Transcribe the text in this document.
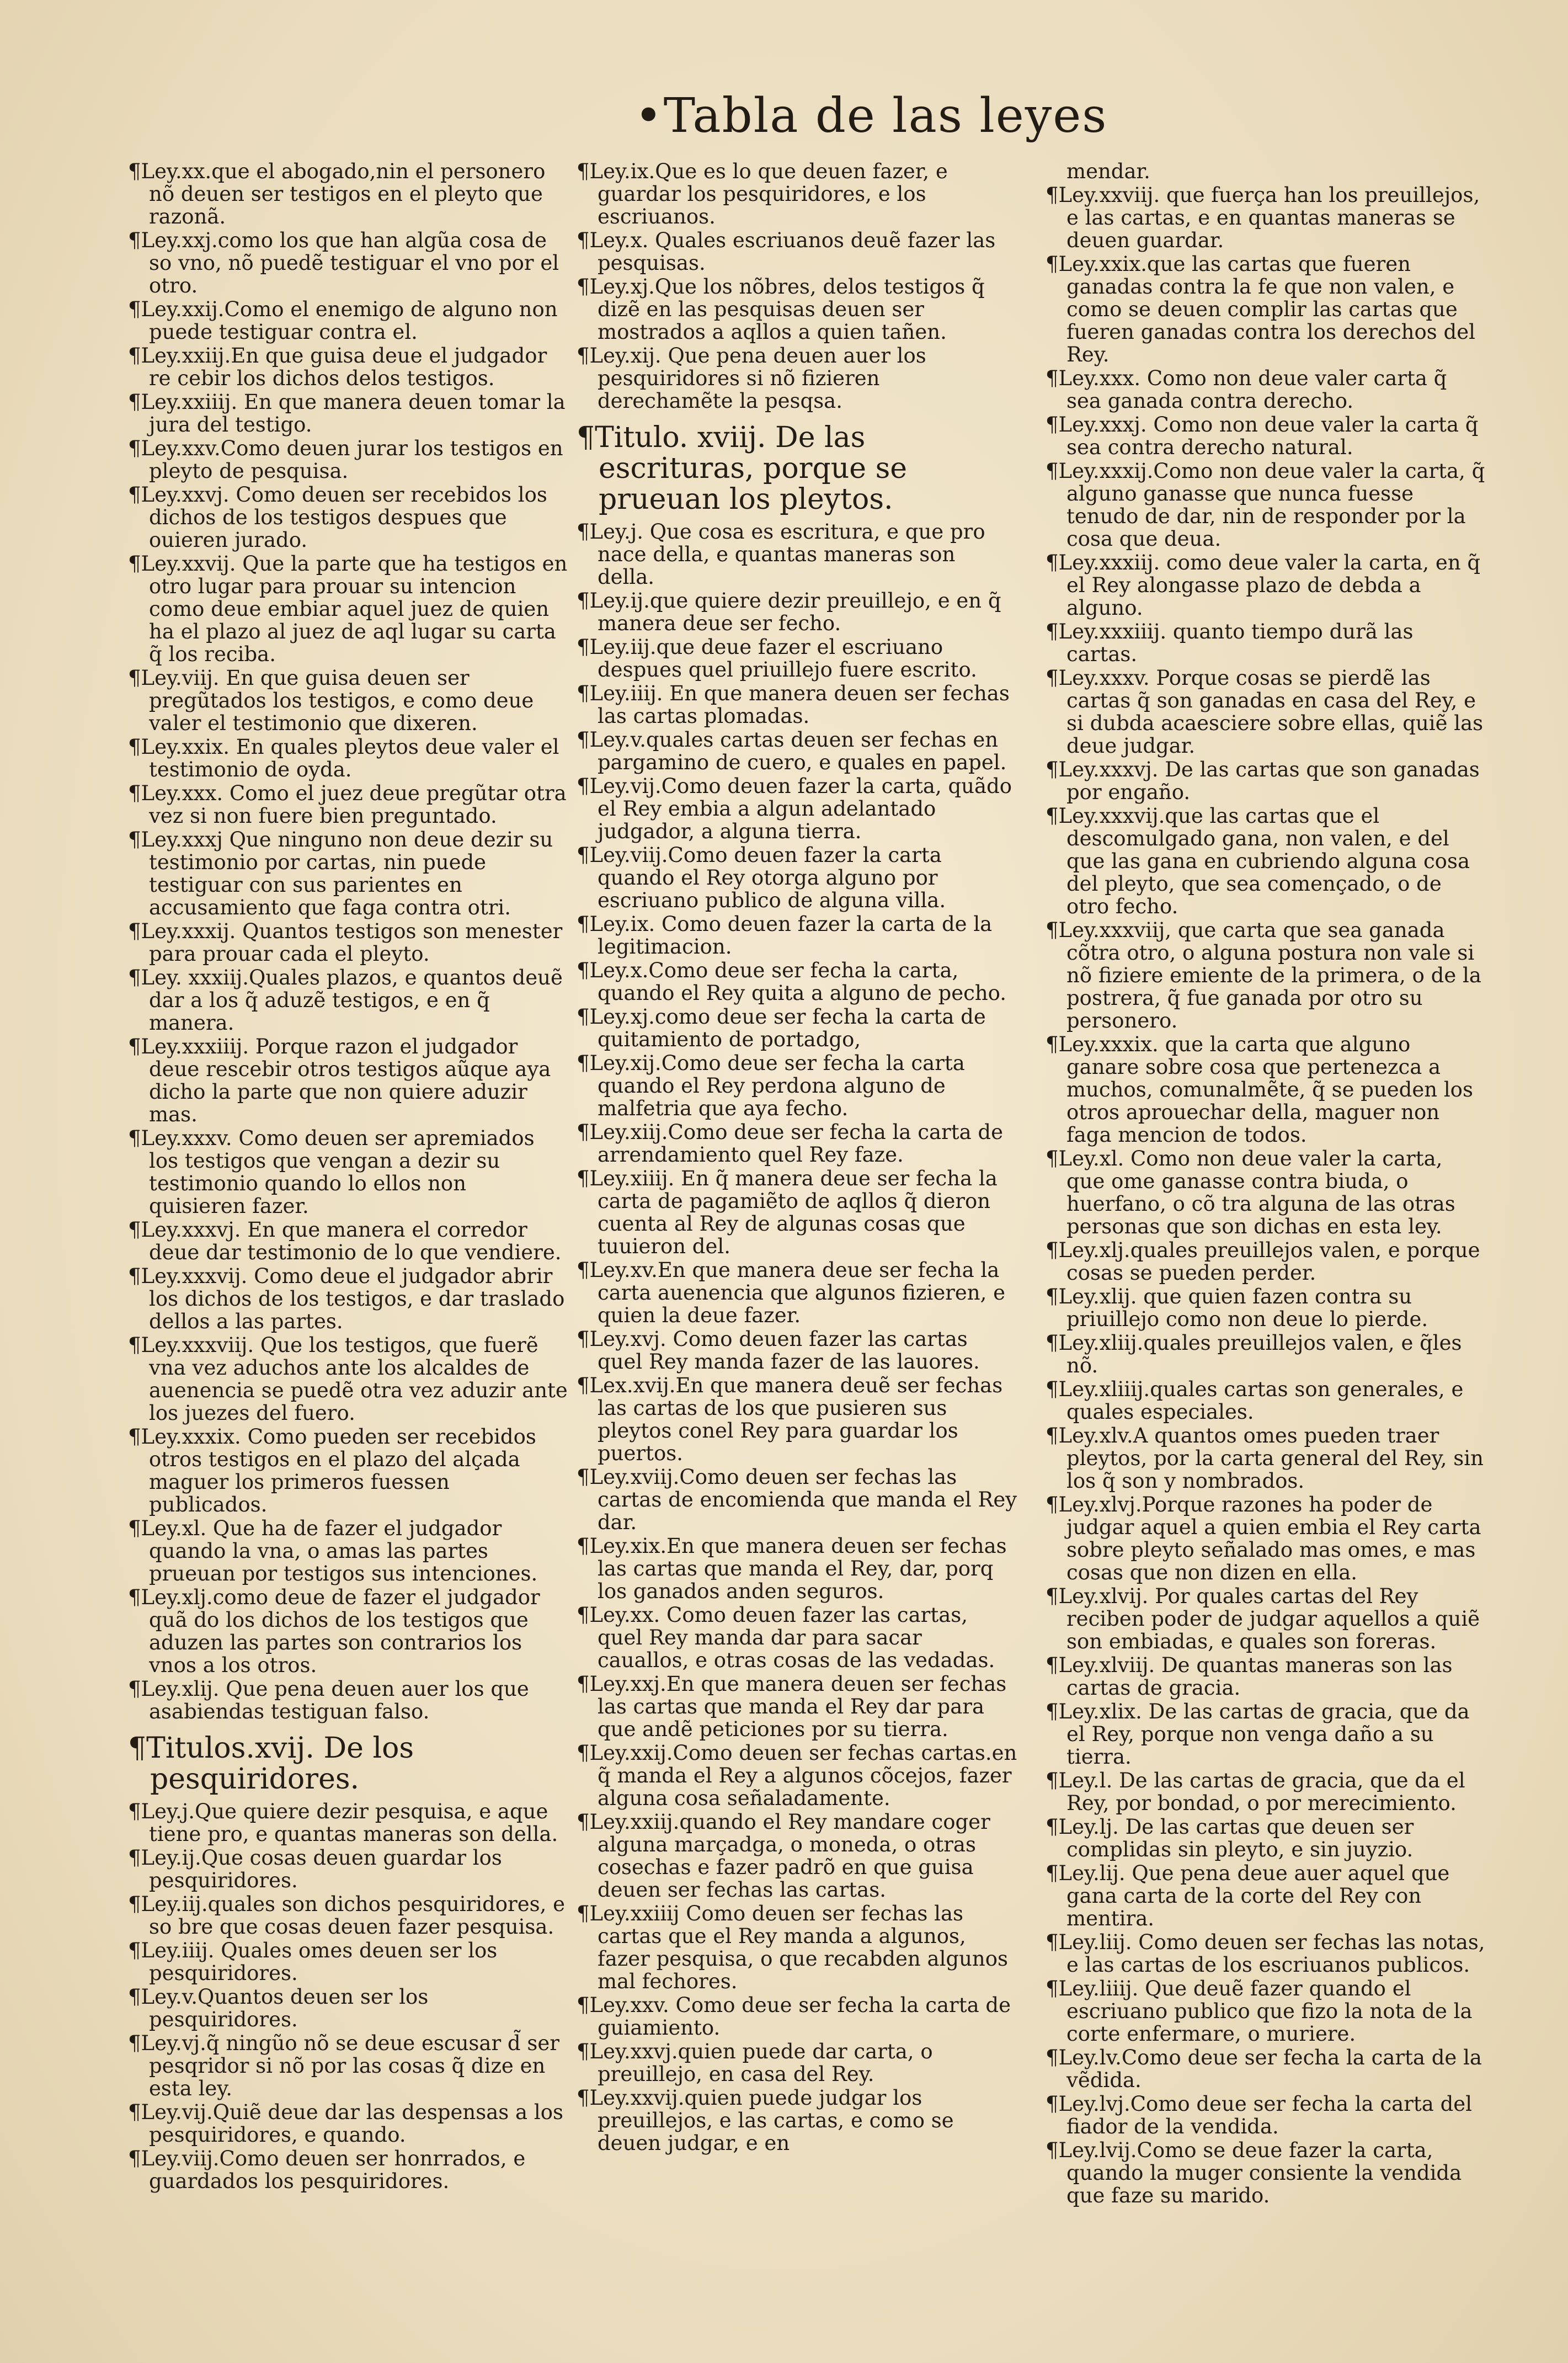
•Tabla de las leyes
¶Ley.xx.que el abogado,nin el personero nõ deuen ser testigos en el pleyto que razonã.
¶Ley.xxj.como los que han algũa cosa de so vno, nõ puedẽ testiguar el vno por el otro.
¶Ley.xxij.Como el enemigo de alguno non puede testiguar contra el.
¶Ley.xxiij.En que guisa deue el judgador re cebir los dichos delos testigos.
¶Ley.xxiiij. En que manera deuen tomar la jura del testigo.
¶Ley.xxv.Como deuen jurar los testigos en pleyto de pesquisa.
¶Ley.xxvj. Como deuen ser recebidos los dichos de los testigos despues que ouieren jurado.
¶Ley.xxvij. Que la parte que ha testigos en otro lugar para prouar su intencion como deue embiar aquel juez de quien ha el plazo al juez de aql lugar su carta q̃ los reciba.
¶Ley.viij. En que guisa deuen ser pregũtados los testigos, e como deue valer el testimonio que dixeren.
¶Ley.xxix. En quales pleytos deue valer el testimonio de oyda.
¶Ley.xxx. Como el juez deue pregũtar otra vez si non fuere bien preguntado.
¶Ley.xxxj Que ninguno non deue dezir su testimonio por cartas, nin puede testiguar con sus parientes en accusamiento que faga contra otri.
¶Ley.xxxij. Quantos testigos son menester para prouar cada el pleyto.
¶Ley. xxxiij.Quales plazos, e quantos deuẽ dar a los q̃ aduzẽ testigos, e en q̃ manera.
¶Ley.xxxiiij. Porque razon el judgador deue rescebir otros testigos aũque aya dicho la parte que non quiere aduzir mas.
¶Ley.xxxv. Como deuen ser apremiados los testigos que vengan a dezir su testimonio quando lo ellos non quisieren fazer.
¶Ley.xxxvj. En que manera el corredor deue dar testimonio de lo que vendiere.
¶Ley.xxxvij. Como deue el judgador abrir los dichos de los testigos, e dar traslado dellos a las partes.
¶Ley.xxxviij. Que los testigos, que fuerẽ vna vez aduchos ante los alcaldes de auenencia se puedẽ otra vez aduzir ante los juezes del fuero.
¶Ley.xxxix. Como pueden ser recebidos otros testigos en el plazo del alçada maguer los primeros fuessen publicados.
¶Ley.xl. Que ha de fazer el judgador quando la vna, o amas las partes prueuan por testigos sus intenciones.
¶Ley.xlj.como deue de fazer el judgador quã do los dichos de los testigos que aduzen las partes son contrarios los vnos a los otros.
¶Ley.xlij. Que pena deuen auer los que asabiendas testiguan falso.
¶Titulos.xvij. De los pesquiridores.
¶Ley.j.Que quiere dezir pesquisa, e aque tiene pro, e quantas maneras son della.
¶Ley.ij.Que cosas deuen guardar los pesquiridores.
¶Ley.iij.quales son dichos pesquiridores, e so bre que cosas deuen fazer pesquisa.
¶Ley.iiij. Quales omes deuen ser los pesquiridores.
¶Ley.v.Quantos deuen ser los pesquiridores.
¶Ley.vj.q̃ ningũo nõ se deue escusar d̃ ser pesqridor si nõ por las cosas q̃ dize en esta ley.
¶Ley.vij.Quiẽ deue dar las despensas a los pesquiridores, e quando.
¶Ley.viij.Como deuen ser honrrados, e guardados los pesquiridores.
¶Ley.ix.Que es lo que deuen fazer, e guardar los pesquiridores, e los escriuanos.
¶Ley.x. Quales escriuanos deuẽ fazer las pesquisas.
¶Ley.xj.Que los nõbres, delos testigos q̃ dizẽ en las pesquisas deuen ser mostrados a aqllos a quien tañen.
¶Ley.xij. Que pena deuen auer los pesquiridores si nõ fizieren derechamẽte la pesqsa.
¶Titulo. xviij. De las escrituras, porque se prueuan los pleytos.
¶Ley.j. Que cosa es escritura, e que pro nace della, e quantas maneras son della.
¶Ley.ij.que quiere dezir preuillejo, e en q̃ manera deue ser fecho.
¶Ley.iij.que deue fazer el escriuano despues quel priuillejo fuere escrito.
¶Ley.iiij. En que manera deuen ser fechas las cartas plomadas.
¶Ley.v.quales cartas deuen ser fechas en pargamino de cuero, e quales en papel.
¶Ley.vij.Como deuen fazer la carta, quãdo el Rey embia a algun adelantado judgador, a alguna tierra.
¶Ley.viij.Como deuen fazer la carta quando el Rey otorga alguno por escriuano publico de alguna villa.
¶Ley.ix. Como deuen fazer la carta de la legitimacion.
¶Ley.x.Como deue ser fecha la carta, quando el Rey quita a alguno de pecho.
¶Ley.xj.como deue ser fecha la carta de quitamiento de portadgo,
¶Ley.xij.Como deue ser fecha la carta quando el Rey perdona alguno de malfetria que aya fecho.
¶Ley.xiij.Como deue ser fecha la carta de arrendamiento quel Rey faze.
¶Ley.xiiij. En q̃ manera deue ser fecha la carta de pagamiẽto de aqllos q̃ dieron cuenta al Rey de algunas cosas que tuuieron del.
¶Ley.xv.En que manera deue ser fecha la carta auenencia que algunos fizieren, e quien la deue fazer.
¶Ley.xvj. Como deuen fazer las cartas quel Rey manda fazer de las lauores.
¶Lex.xvij.En que manera deuẽ ser fechas las cartas de los que pusieren sus pleytos conel Rey para guardar los puertos.
¶Ley.xviij.Como deuen ser fechas las cartas de encomienda que manda el Rey dar.
¶Ley.xix.En que manera deuen ser fechas las cartas que manda el Rey, dar, porq los ganados anden seguros.
¶Ley.xx. Como deuen fazer las cartas, quel Rey manda dar para sacar cauallos, e otras cosas de las vedadas.
¶Ley.xxj.En que manera deuen ser fechas las cartas que manda el Rey dar para que andẽ peticiones por su tierra.
¶Ley.xxij.Como deuen ser fechas cartas.en q̃ manda el Rey a algunos cõcejos, fazer alguna cosa señaladamente.
¶Ley.xxiij.quando el Rey mandare coger alguna marçadga, o moneda, o otras cosechas e fazer padrõ en que guisa deuen ser fechas las cartas.
¶Ley.xxiiij Como deuen ser fechas las cartas que el Rey manda a algunos, fazer pesquisa, o que recabden algunos mal fechores.
¶Ley.xxv. Como deue ser fecha la carta de guiamiento.
¶Ley.xxvj.quien puede dar carta, o preuillejo, en casa del Rey.
¶Ley.xxvij.quien puede judgar los preuillejos, e las cartas, e como se deuen judgar, e en
mendar.
¶Ley.xxviij. que fuerça han los preuillejos, e las cartas, e en quantas maneras se deuen guardar.
¶Ley.xxix.que las cartas que fueren ganadas contra la fe que non valen, e como se deuen complir las cartas que fueren ganadas contra los derechos del Rey.
¶Ley.xxx. Como non deue valer carta q̃ sea ganada contra derecho.
¶Ley.xxxj. Como non deue valer la carta q̃ sea contra derecho natural.
¶Ley.xxxij.Como non deue valer la carta, q̃ alguno ganasse que nunca fuesse tenudo de dar, nin de responder por la cosa que deua.
¶Ley.xxxiij. como deue valer la carta, en q̃ el Rey alongasse plazo de debda a alguno.
¶Ley.xxxiiij. quanto tiempo durã las cartas.
¶Ley.xxxv. Porque cosas se pierdẽ las cartas q̃ son ganadas en casa del Rey, e si dubda acaesciere sobre ellas, quiẽ las deue judgar.
¶Ley.xxxvj. De las cartas que son ganadas por engaño.
¶Ley.xxxvij.que las cartas que el descomulgado gana, non valen, e del que las gana en cubriendo alguna cosa del pleyto, que sea començado, o de otro fecho.
¶Ley.xxxviij, que carta que sea ganada cõtra otro, o alguna postura non vale si nõ fiziere emiente de la primera, o de la postrera, q̃ fue ganada por otro su personero.
¶Ley.xxxix. que la carta que alguno ganare sobre cosa que pertenezca a muchos, comunalmẽte, q̃ se pueden los otros aprouechar della, maguer non faga mencion de todos.
¶Ley.xl. Como non deue valer la carta, que ome ganasse contra biuda, o huerfano, o cõ tra alguna de las otras personas que son dichas en esta ley.
¶Ley.xlj.quales preuillejos valen, e porque cosas se pueden perder.
¶Ley.xlij. que quien fazen contra su priuillejo como non deue lo pierde.
¶Ley.xliij.quales preuillejos valen, e q̃les nõ.
¶Ley.xliiij.quales cartas son generales, e quales especiales.
¶Ley.xlv.A quantos omes pueden traer pleytos, por la carta general del Rey, sin los q̃ son y nombrados.
¶Ley.xlvj.Porque razones ha poder de judgar aquel a quien embia el Rey carta sobre pleyto señalado mas omes, e mas cosas que non dizen en ella.
¶Ley.xlvij. Por quales cartas del Rey reciben poder de judgar aquellos a quiẽ son embiadas, e quales son foreras.
¶Ley.xlviij. De quantas maneras son las cartas de gracia.
¶Ley.xlix. De las cartas de gracia, que da el Rey, porque non venga daño a su tierra.
¶Ley.l. De las cartas de gracia, que da el Rey, por bondad, o por merecimiento.
¶Ley.lj. De las cartas que deuen ser complidas sin pleyto, e sin juyzio.
¶Ley.lij. Que pena deue auer aquel que gana carta de la corte del Rey con mentira.
¶Ley.liij. Como deuen ser fechas las notas, e las cartas de los escriuanos publicos.
¶Ley.liiij. Que deuẽ fazer quando el escriuano publico que fizo la nota de la corte enfermare, o muriere.
¶Ley.lv.Como deue ser fecha la carta de la vẽdida.
¶Ley.lvj.Como deue ser fecha la carta del fiador de la vendida.
¶Ley.lvij.Como se deue fazer la carta, quando la muger consiente la vendida que faze su marido.
